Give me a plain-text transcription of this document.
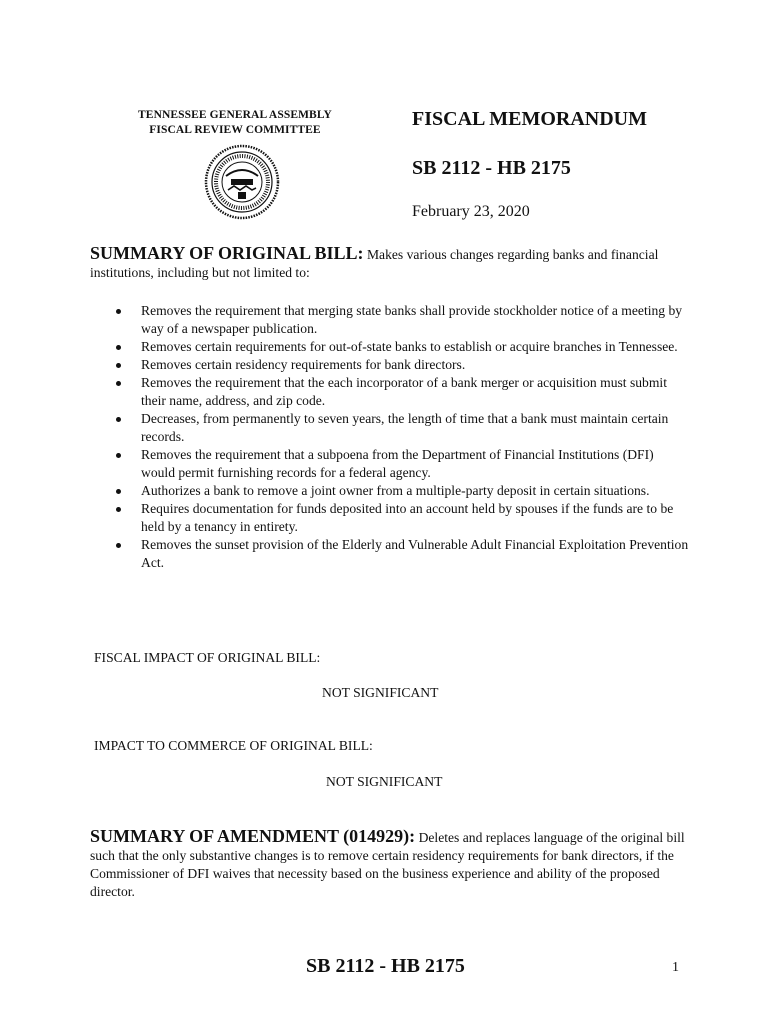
TENNESSEE GENERAL ASSEMBLY
FISCAL REVIEW COMMITTEE	FISCAL MEMORANDUM
SB 2112 - HB 2175
February 23, 2020
SUMMARY OF ORIGINAL BILL: Makes various changes regarding banks and financial institutions, including but not limited to:
Removes the requirement that merging state banks shall provide stockholder notice of a meeting by way of a newspaper publication.
Removes certain requirements for out-of-state banks to establish or acquire branches in Tennessee.
Removes certain residency requirements for bank directors.
Removes the requirement that the each incorporator of a bank merger or acquisition must submit their name, address, and zip code.
Decreases, from permanently to seven years, the length of time that a bank must maintain certain records.
Removes the requirement that a subpoena from the Department of Financial Institutions (DFI) would permit furnishing records for a federal agency.
Authorizes a bank to remove a joint owner from a multiple-party deposit in certain situations.
Requires documentation for funds deposited into an account held by spouses if the funds are to be held by a tenancy in entirety.
Removes the sunset provision of the Elderly and Vulnerable Adult Financial Exploitation Prevention Act.
FISCAL IMPACT OF ORIGINAL BILL:
NOT SIGNIFICANT
IMPACT TO COMMERCE OF ORIGINAL BILL:
NOT SIGNIFICANT
SUMMARY OF AMENDMENT (014929): Deletes and replaces language of the original bill such that the only substantive changes is to remove certain residency requirements for bank directors, if the Commissioner of DFI waives that necessity based on the business experience and ability of the proposed director.
SB 2112 - HB 2175	1
